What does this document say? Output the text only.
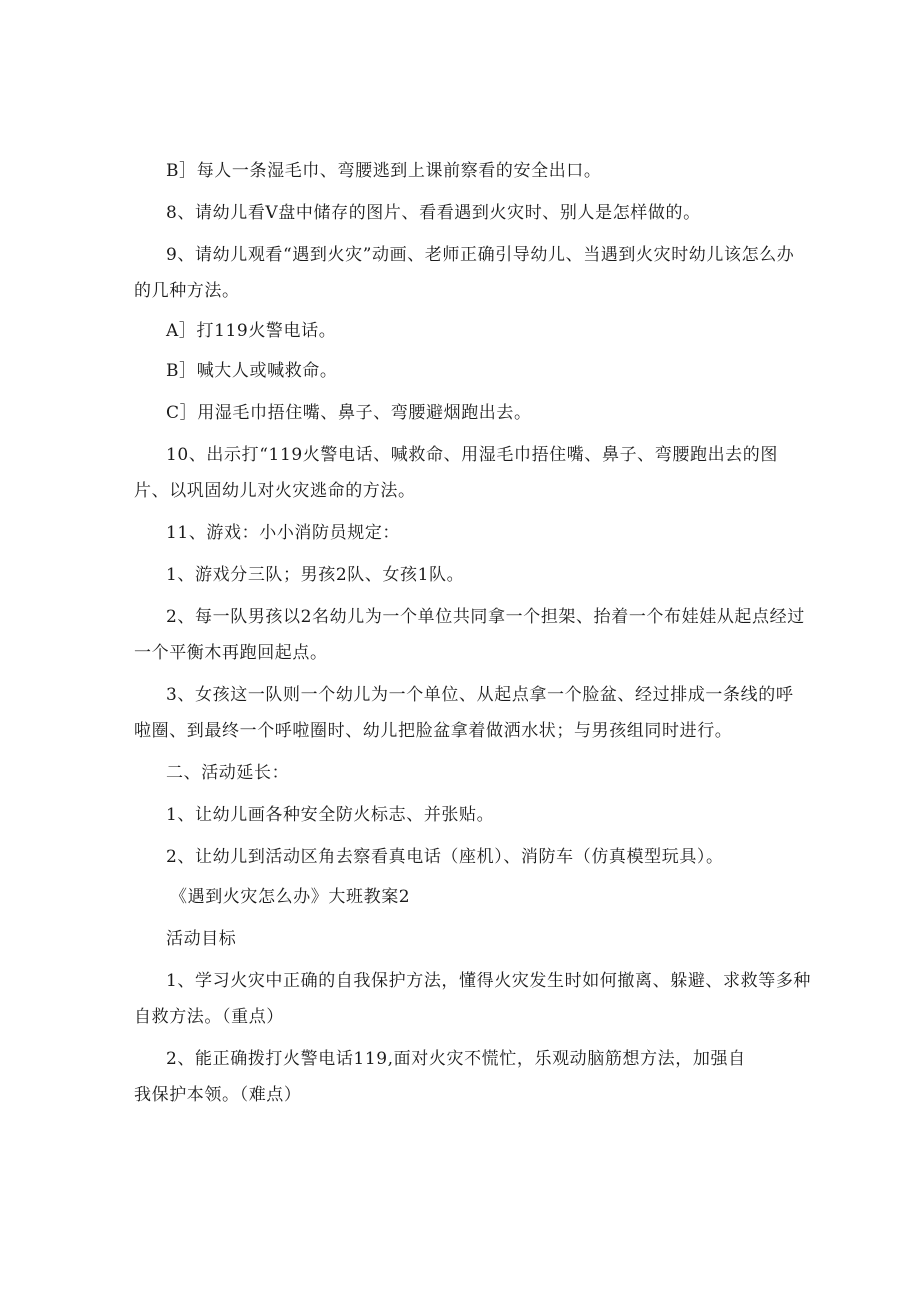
B］每人一条湿毛巾、弯腰逃到上课前察看的安全出口。
8、请幼儿看V盘中储存的图片、看看遇到火灾时、别人是怎样做的。
9、请幼儿观看“遇到火灾”动画、老师正确引导幼儿、当遇到火灾时幼儿该怎么办
的几种方法。
A］打119火警电话。
B］喊大人或喊救命。
C］用湿毛巾捂住嘴、鼻子、弯腰避烟跑出去。
10、出示打“119火警电话、喊救命、用湿毛巾捂住嘴、鼻子、弯腰跑出去的图
片、以巩固幼儿对火灾逃命的方法。
11、游戏：小小消防员规定：
1、游戏分三队；男孩2队、女孩1队。
2、每一队男孩以2名幼儿为一个单位共同拿一个担架、抬着一个布娃娃从起点经过
一个平衡木再跑回起点。
3、女孩这一队则一个幼儿为一个单位、从起点拿一个脸盆、经过排成一条线的呼
啦圈、到最终一个呼啦圈时、幼儿把脸盆拿着做洒水状；与男孩组同时进行。
二、活动延长：
1、让幼儿画各种安全防火标志、并张贴。
2、让幼儿到活动区角去察看真电话（座机）、消防车（仿真模型玩具）。
《遇到火灾怎么办》大班教案2
活动目标
1、学习火灾中正确的自我保护方法，懂得火灾发生时如何撤离、躲避、求救等多种
自救方法。（重点）
2、能正确拨打火警电话119,面对火灾不慌忙，乐观动脑筋想方法，加强自
我保护本领。（难点）
